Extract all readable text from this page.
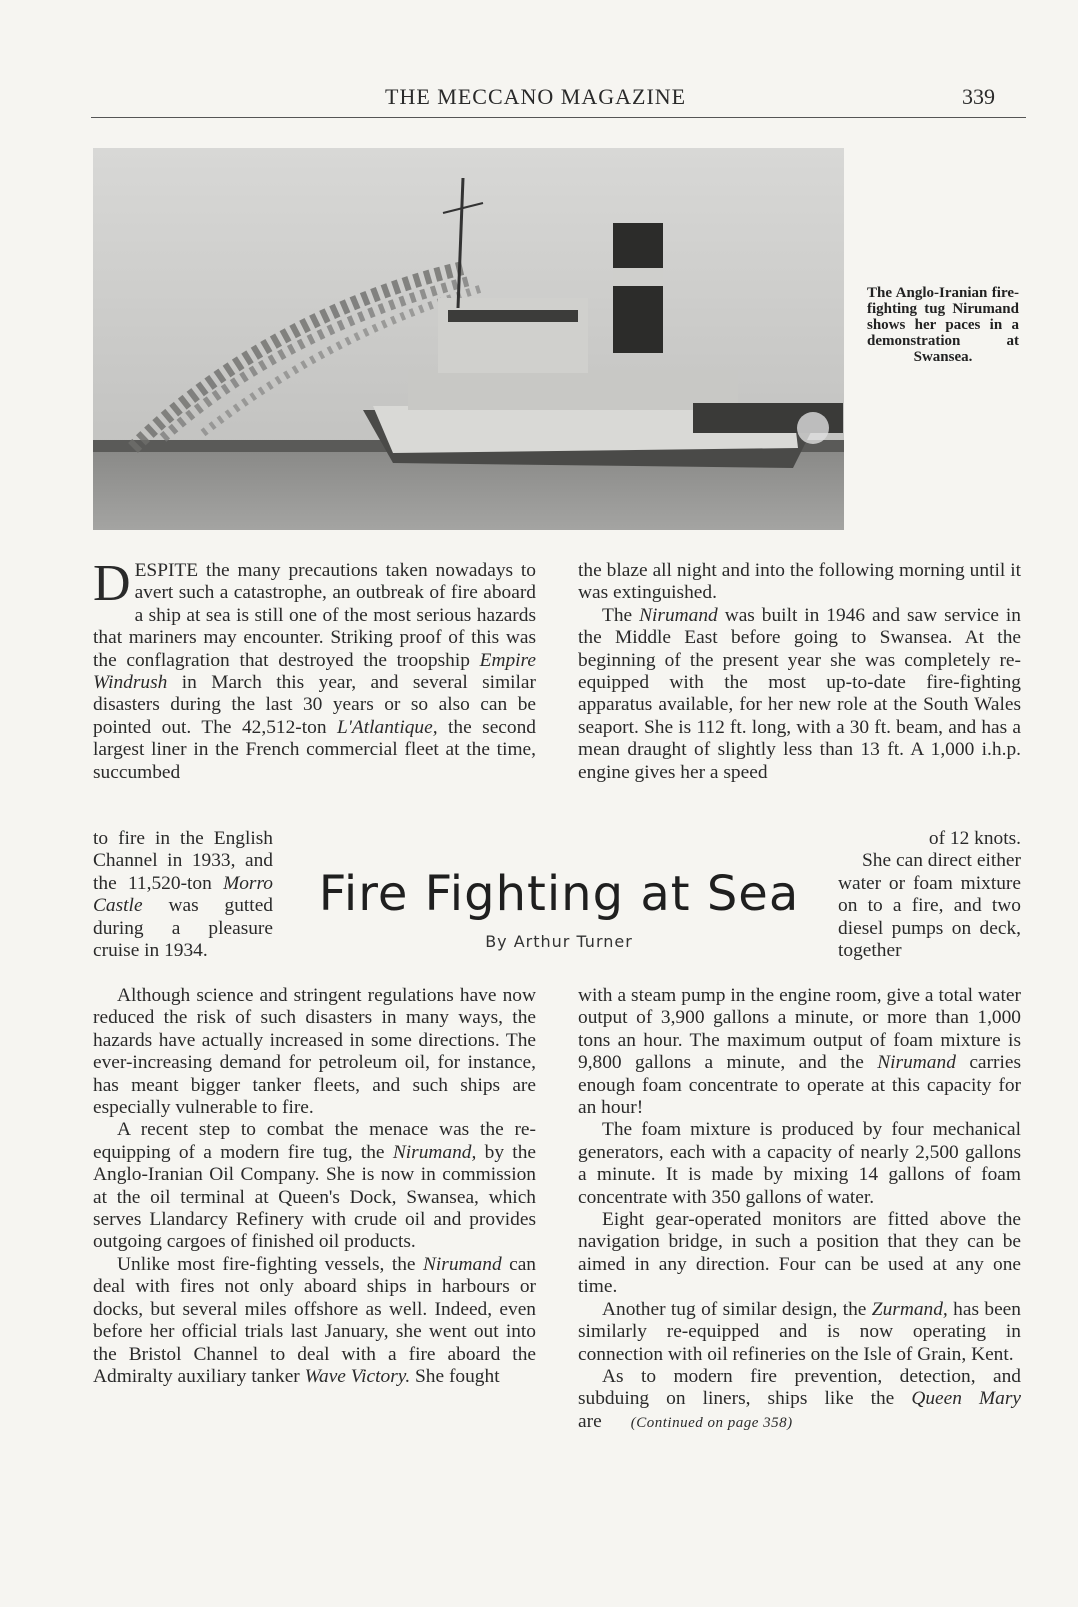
THE MECCANO MAGAZINE	339
The Anglo-Iranian fire-fighting tug Nirumand shows her paces in a demonstration at Swansea.

DESPITE the many precautions taken nowadays to avert such a catastrophe, an outbreak of fire aboard a ship at sea is still one of the most serious hazards that mariners may encounter. Striking proof of this was the conflagration that destroyed the troopship Empire Windrush in March this year, and several similar disasters during the last 30 years or so also can be pointed out. The 42,512-ton L'Atlantique, the second largest liner in the French commercial fleet at the time, succumbed

to fire in the English Channel in 1933, and the 11,520-ton Morro Castle was gutted during a pleasure cruise in 1934.

Fire Fighting at Sea
By Arthur Turner

Although science and stringent regulations have now reduced the risk of such disasters in many ways, the hazards have actually increased in some directions. The ever-increasing demand for petroleum oil, for instance, has meant bigger tanker fleets, and such ships are especially vulnerable to fire.

A recent step to combat the menace was the re-equipping of a modern fire tug, the Nirumand, by the Anglo-Iranian Oil Company. She is now in commission at the oil terminal at Queen's Dock, Swansea, which serves Llandarcy Refinery with crude oil and provides outgoing cargoes of finished oil products.

Unlike most fire-fighting vessels, the Nirumand can deal with fires not only aboard ships in harbours or docks, but several miles offshore as well. Indeed, even before her official trials last January, she went out into the Bristol Channel to deal with a fire aboard the Admiralty auxiliary tanker Wave Victory. She fought

the blaze all night and into the following morning until it was extinguished.

The Nirumand was built in 1946 and saw service in the Middle East before going to Swansea. At the beginning of the present year she was completely re-equipped with the most up-to-date fire-fighting apparatus available, for her new role at the South Wales seaport. She is 112 ft. long, with a 30 ft. beam, and has a mean draught of slightly less than 13 ft. A 1,000 i.h.p. engine gives her a speed

of 12 knots.

She can direct either water or foam mixture on to a fire, and two diesel pumps on deck, together

with a steam pump in the engine room, give a total water output of 3,900 gallons a minute, or more than 1,000 tons an hour. The maximum output of foam mixture is 9,800 gallons a minute, and the Nirumand carries enough foam concentrate to operate at this capacity for an hour!

The foam mixture is produced by four mechanical generators, each with a capacity of nearly 2,500 gallons a minute. It is made by mixing 14 gallons of foam concentrate with 350 gallons of water.

Eight gear-operated monitors are fitted above the navigation bridge, in such a position that they can be aimed in any direction. Four can be used at any one time.

Another tug of similar design, the Zurmand, has been similarly re-equipped and is now operating in connection with oil refineries on the Isle of Grain, Kent.

As to modern fire prevention, detection, and subduing on liners, ships like the Queen Mary are (Continued on page 358)
